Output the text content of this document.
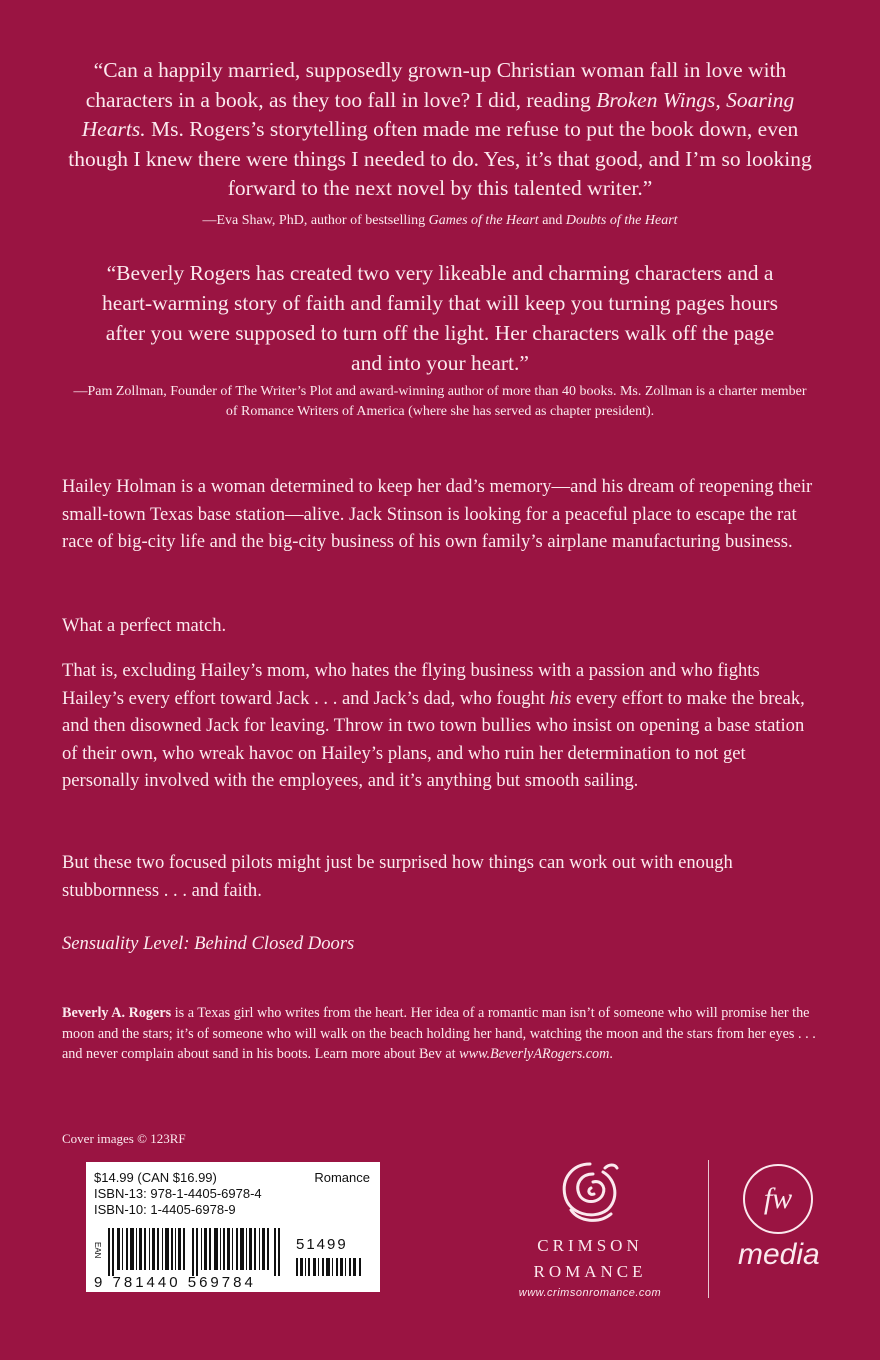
“Can a happily married, supposedly grown-up Christian woman fall in love with characters in a book, as they too fall in love? I did, reading Broken Wings, Soaring Hearts. Ms. Rogers’s storytelling often made me refuse to put the book down, even though I knew there were things I needed to do. Yes, it’s that good, and I’m so looking forward to the next novel by this talented writer.”
—Eva Shaw, PhD, author of bestselling Games of the Heart and Doubts of the Heart
“Beverly Rogers has created two very likeable and charming characters and a heart-warming story of faith and family that will keep you turning pages hours after you were supposed to turn off the light. Her characters walk off the page and into your heart.”
—Pam Zollman, Founder of The Writer’s Plot and award-winning author of more than 40 books. Ms. Zollman is a charter member of Romance Writers of America (where she has served as chapter president).
Hailey Holman is a woman determined to keep her dad’s memory—and his dream of reopening their small-town Texas base station—alive. Jack Stinson is looking for a peaceful place to escape the rat race of big-city life and the big-city business of his own family’s airplane manufacturing business.
What a perfect match.
That is, excluding Hailey’s mom, who hates the flying business with a passion and who fights Hailey’s every effort toward Jack . . . and Jack’s dad, who fought his every effort to make the break, and then disowned Jack for leaving. Throw in two town bullies who insist on opening a base station of their own, who wreak havoc on Hailey’s plans, and who ruin her determination to not get personally involved with the employees, and it’s anything but smooth sailing.
But these two focused pilots might just be surprised how things can work out with enough stubbornness . . . and faith.
Sensuality Level: Behind Closed Doors
Beverly A. Rogers is a Texas girl who writes from the heart. Her idea of a romantic man isn’t of someone who will promise her the moon and the stars; it’s of someone who will walk on the beach holding her hand, watching the moon and the stars from her eyes . . . and never complain about sand in his boots. Learn more about Bev at www.BeverlyARogers.com.
Cover images © 123RF
$14.99 (CAN $16.99)
ISBN-13: 978-1-4405-6978-4
ISBN-10: 1-4405-6978-9
Romance
EAN
9 781440 569784
51499	CRIMSON
ROMANCE
www.crimsonromance.com
fw
media
